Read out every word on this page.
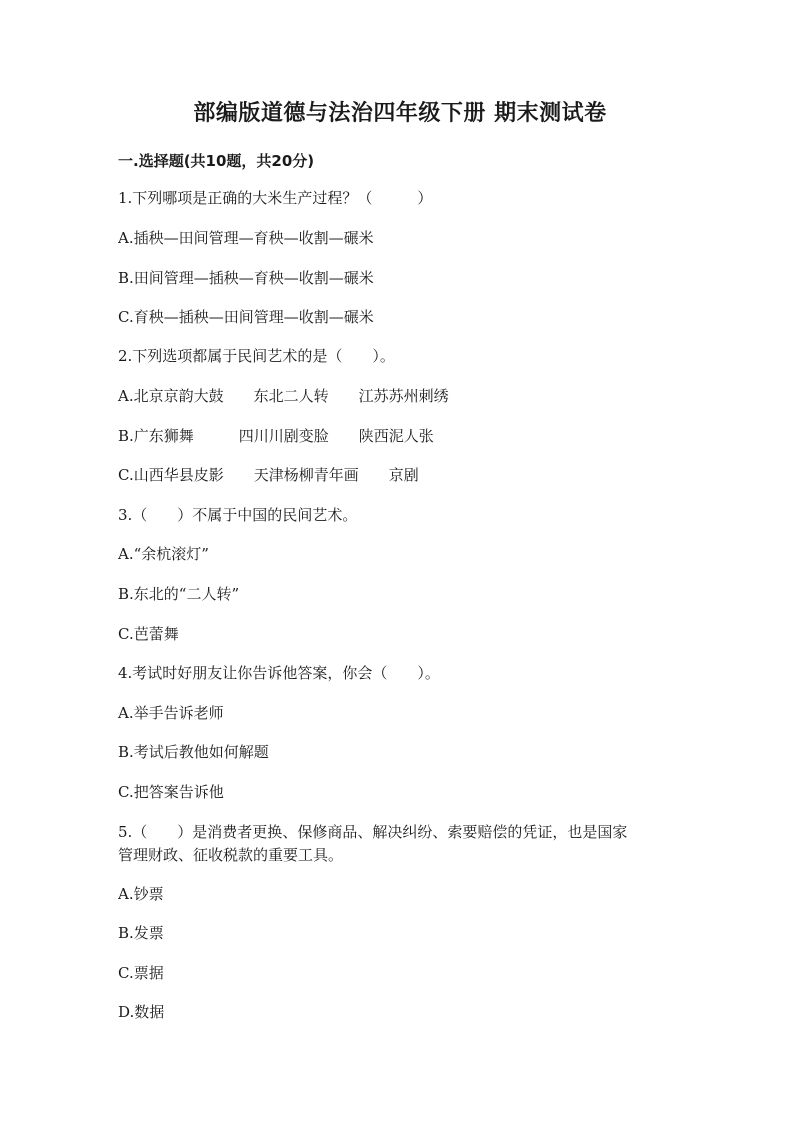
部编版道德与法治四年级下册 期末测试卷
一.选择题(共10题，共20分)
1.下列哪项是正确的大米生产过程？（　　　）
A.插秧—田间管理—育秧—收割—碾米
B.田间管理—插秧—育秧—收割—碾米
C.育秧—插秧—田间管理—收割—碾米
2.下列选项都属于民间艺术的是（　　）。
A.北京京韵大鼓　　东北二人转　　江苏苏州刺绣
B.广东狮舞　　　四川川剧变脸　　陕西泥人张
C.山西华县皮影　　天津杨柳青年画　　京剧
3.（　　）不属于中国的民间艺术。
A.“余杭滚灯”
B.东北的“二人转”
C.芭蕾舞
4.考试时好朋友让你告诉他答案，你会（　　）。
A.举手告诉老师
B.考试后教他如何解题
C.把答案告诉他
5.（　　）是消费者更换、保修商品、解决纠纷、索要赔偿的凭证，也是国家
管理财政、征收税款的重要工具。
A.钞票
B.发票
C.票据
D.数据
